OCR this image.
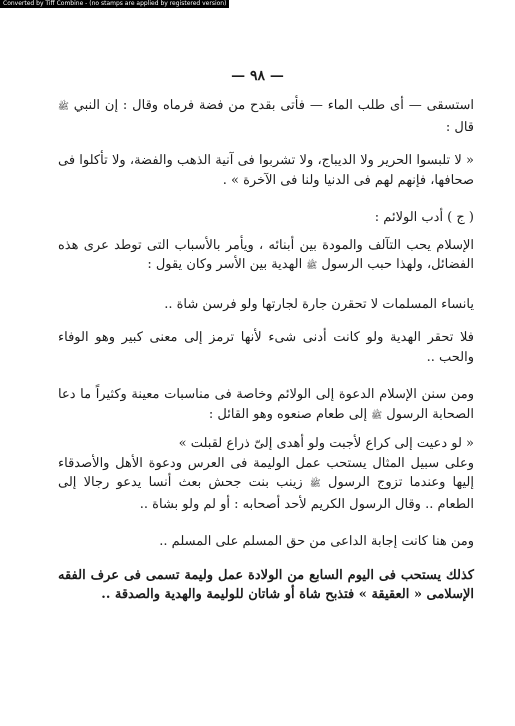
Converted by Tiff Combine - (no stamps are applied by registered version)
— ٩٨ —

استسقى — أى طلب الماء — فأتى بقدح من فضة فرماه وقال : إن النبي ﷺ قال :

« لا تلبسوا الحرير ولا الديباج، ولا تشربوا فى آنية الذهب والفضة، ولا تأكلوا فى صحافها، فإنهم لهم فى الدنيا ولنا فى الآخرة » .

( ج ) أدب الولائم :

الإسلام يحب التآلف والمودة بين أبنائه ، ويأمر بالأسباب التى توطد عرى هذه الفضائل، ولهذا حبب الرسول ﷺ الهدية بين الأسر وكان يقول :

يانساء المسلمات لا تحقرن جارة لجارتها ولو فرسن شاة ..

فلا تحقر الهدية ولو كانت أدنى شىء لأنها ترمز إلى معنى كبير وهو الوفاء والحب ..

ومن سنن الإسلام الدعوة إلى الولائم وخاصة فى مناسبات معينة وكثيراً ما دعا الصحابة الرسول ﷺ إلى طعام صنعوه وهو القائل :

« لو دعيت إلى كراع لأجبت ولو أهدى إلىّ ذراع لقبلت »

وعلى سبيل المثال يستحب عمل الوليمة فى العرس ودعوة الأهل والأصدقاء إليها وعندما تزوج الرسول ﷺ زينب بنت جحش بعث أنسا يدعو رجالا إلى الطعام .. وقال الرسول الكريم لأحد أصحابه : أو لم ولو بشاة ..

ومن هنا كانت إجابة الداعى من حق المسلم على المسلم ..

كذلك يستحب فى اليوم السابع من الولادة عمل وليمة تسمى فى عرف الفقه الإسلامى « العقيقة » فتذبح شاة أو شاتان للوليمة والهدية والصدقة ..
